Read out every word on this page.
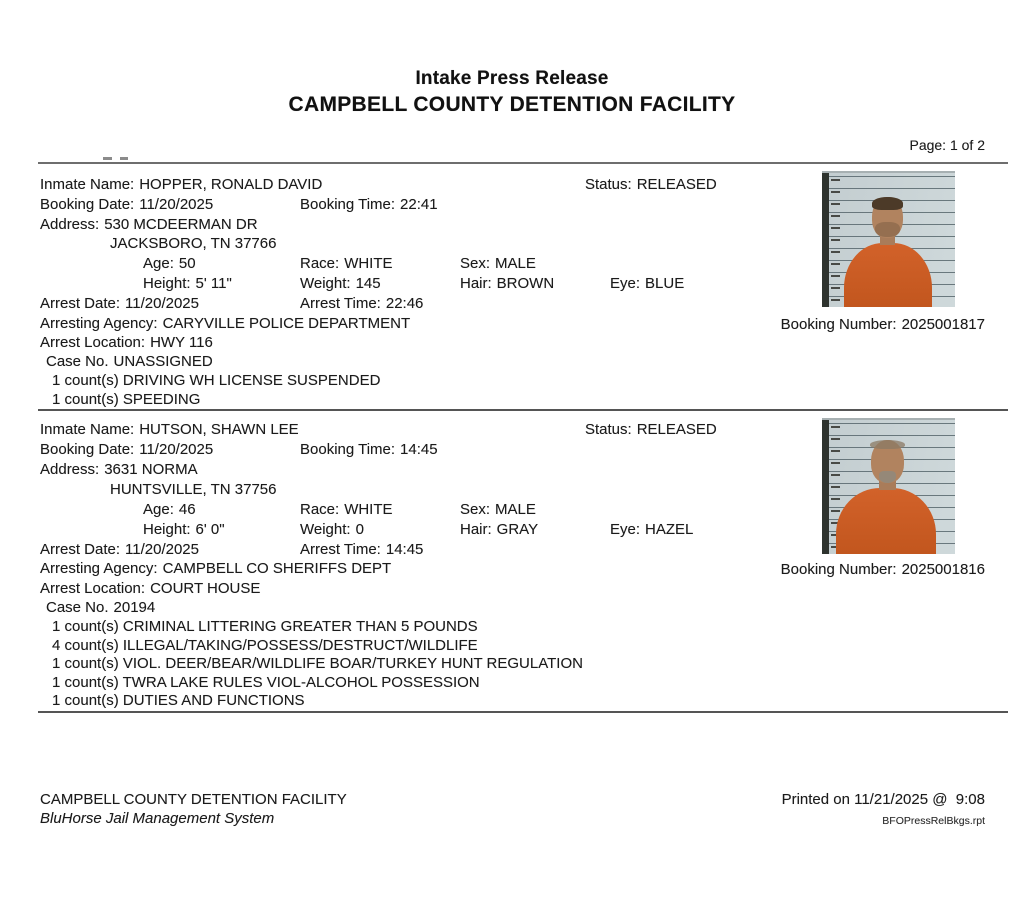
Intake Press Release
CAMPBELL COUNTY DETENTION FACILITY
Page: 1 of 2
Inmate Name: HOPPER, RONALD DAVID	Status: RELEASED
Booking Date: 11/20/2025	Booking Time: 22:41
Address: 530 MCDEERMAN DR
JACKSBORO, TN 37766
Age: 50	Race: WHITE	Sex: MALE
Height: 5' 11"	Weight: 145	Hair: BROWN	Eye: BLUE
Arrest Date: 11/20/2025	Arrest Time: 22:46
Arresting Agency: CARYVILLE POLICE DEPARTMENT	Booking Number: 2025001817
Arrest Location: HWY 116
Case No. UNASSIGNED
1 count(s) DRIVING WH LICENSE SUSPENDED
1 count(s) SPEEDING
Inmate Name: HUTSON, SHAWN LEE	Status: RELEASED
Booking Date: 11/20/2025	Booking Time: 14:45
Address: 3631 NORMA
HUNTSVILLE, TN 37756
Age: 46	Race: WHITE	Sex: MALE
Height: 6' 0"	Weight: 0	Hair: GRAY	Eye: HAZEL
Arrest Date: 11/20/2025	Arrest Time: 14:45
Arresting Agency: CAMPBELL CO SHERIFFS DEPT	Booking Number: 2025001816
Arrest Location: COURT HOUSE
Case No. 20194
1 count(s) CRIMINAL LITTERING GREATER THAN 5 POUNDS
4 count(s) ILLEGAL/TAKING/POSSESS/DESTRUCT/WILDLIFE
1 count(s) VIOL. DEER/BEAR/WILDLIFE BOAR/TURKEY HUNT REGULATION
1 count(s) TWRA LAKE RULES VIOL-ALCOHOL POSSESSION
1 count(s) DUTIES AND FUNCTIONS
CAMPBELL COUNTY DETENTION FACILITY
BluHorse Jail Management System
Printed on 11/21/2025 @  9:08
BFOPressRelBkgs.rpt
